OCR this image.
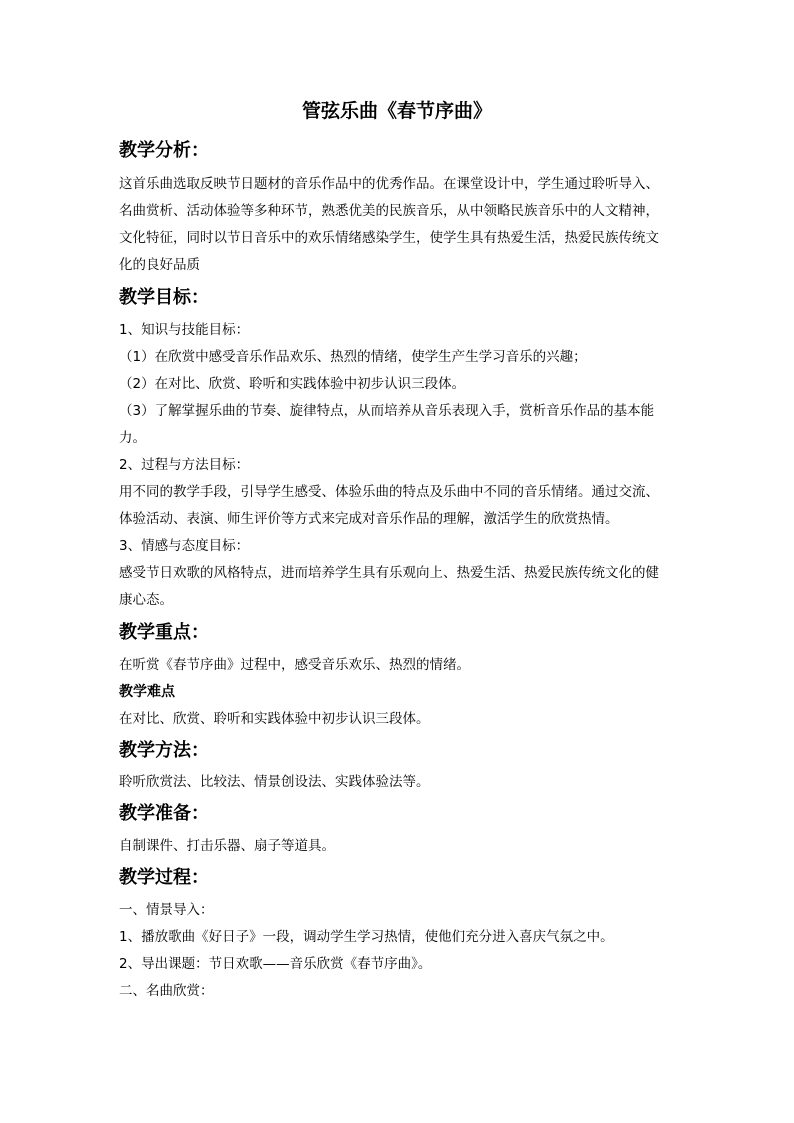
管弦乐曲《春节序曲》
教学分析：

这首乐曲选取反映节日题材的音乐作品中的优秀作品。在课堂设计中，学生通过聆听导入、

名曲赏析、活动体验等多种环节，熟悉优美的民族音乐，从中领略民族音乐中的人文精神，

文化特征，同时以节日音乐中的欢乐情绪感染学生，使学生具有热爱生活，热爱民族传统文

化的良好品质

教学目标：

1、知识与技能目标：

（1）在欣赏中感受音乐作品欢乐、热烈的情绪，使学生产生学习音乐的兴趣；

（2）在对比、欣赏、聆听和实践体验中初步认识三段体。

（3）了解掌握乐曲的节奏、旋律特点，从而培养从音乐表现入手，赏析音乐作品的基本能

力。

2、过程与方法目标：

用不同的教学手段，引导学生感受、体验乐曲的特点及乐曲中不同的音乐情绪。通过交流、

体验活动、表演、师生评价等方式来完成对音乐作品的理解，激活学生的欣赏热情。

3、情感与态度目标：

感受节日欢歌的风格特点，进而培养学生具有乐观向上、热爱生活、热爱民族传统文化的健

康心态。

教学重点：

在听赏《春节序曲》过程中，感受音乐欢乐、热烈的情绪。

教学难点

在对比、欣赏、聆听和实践体验中初步认识三段体。

教学方法：

聆听欣赏法、比较法、情景创设法、实践体验法等。

教学准备：

自制课件、打击乐器、扇子等道具。

教学过程：

一、情景导入：

1、播放歌曲《好日子》一段，调动学生学习热情，使他们充分进入喜庆气氛之中。

2、导出课题：节日欢歌——音乐欣赏《春节序曲》。

二、名曲欣赏：
